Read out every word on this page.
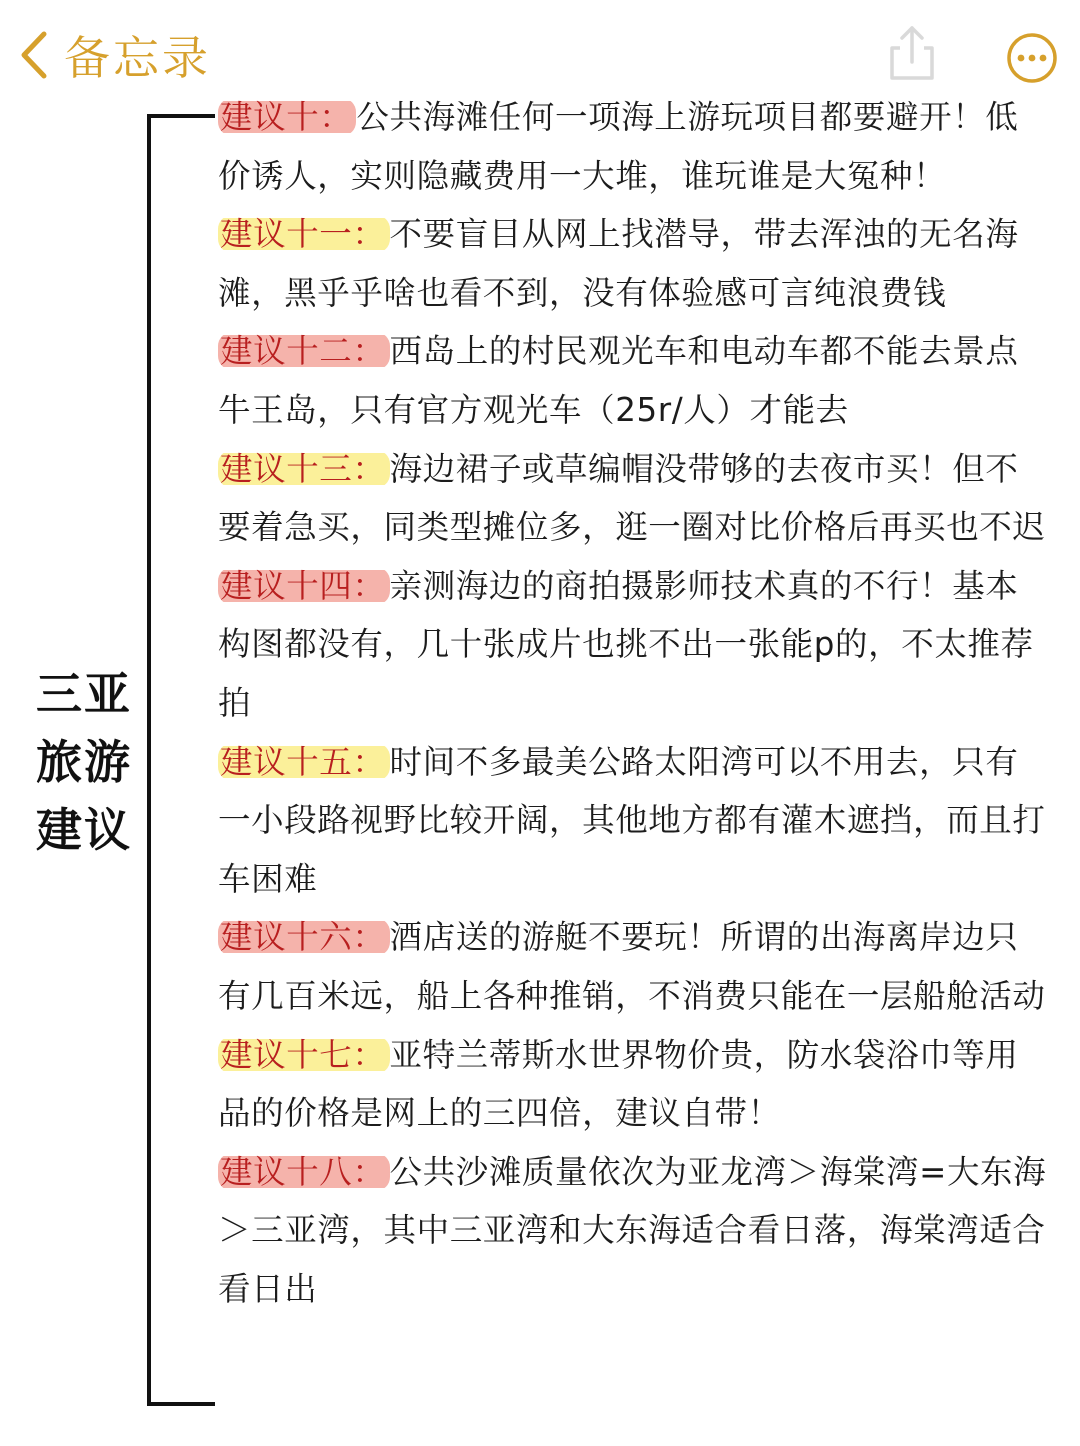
备忘录
三亚
旅游
建议

建议十： 公共海滩任何一项海上游玩项目都要避开！低价诱人，实则隐藏费用一大堆，谁玩谁是大冤种！

建议十一： 不要盲目从网上找潜导，带去浑浊的无名海滩，黑乎乎啥也看不到，没有体验感可言纯浪费钱

建议十二： 西岛上的村民观光车和电动车都不能去景点牛王岛，只有官方观光车（25r/人）才能去

建议十三： 海边裙子或草编帽没带够的去夜市买！但不要着急买，同类型摊位多，逛一圈对比价格后再买也不迟

建议十四： 亲测海边的商拍摄影师技术真的不行！基本构图都没有，几十张成片也挑不出一张能p的，不太推荐拍

建议十五： 时间不多最美公路太阳湾可以不用去，只有一小段路视野比较开阔，其他地方都有灌木遮挡，而且打车困难

建议十六： 酒店送的游艇不要玩！所谓的出海离岸边只有几百米远，船上各种推销，不消费只能在一层船舱活动

建议十七： 亚特兰蒂斯水世界物价贵，防水袋浴巾等用品的价格是网上的三四倍，建议自带！

建议十八： 公共沙滩质量依次为亚龙湾＞海棠湾=大东海＞三亚湾，其中三亚湾和大东海适合看日落，海棠湾适合看日出
